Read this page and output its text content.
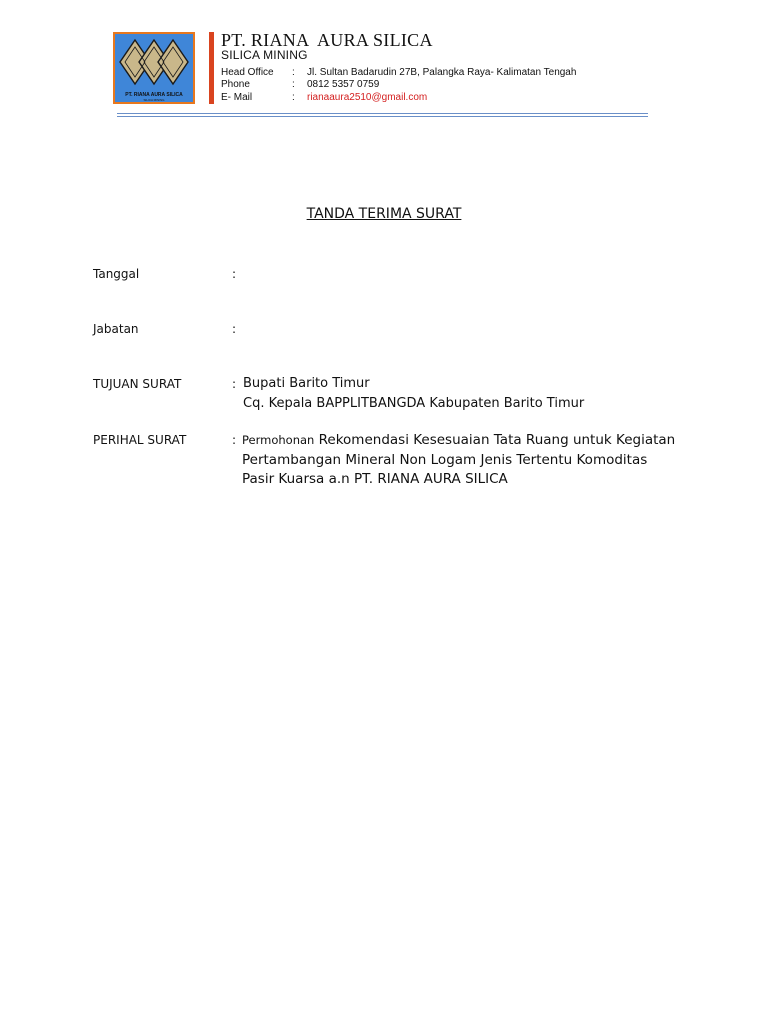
PT. RIANA AURA SILICA
SILICA MINING
PT. RIANA  AURA SILICA
SILICA MINING
Head Office : Jl. Sultan Badarudin 27B, Palangka Raya- Kalimatan Tengah
Phone	: 0812 5357 0759
E- Mail	: rianaaura2510@gmail.com
TANDA TERIMA SURAT
Tanggal	:
Jabatan	:
TUJUAN SURAT	: Bupati Barito Timur
Cq. Kepala BAPPLITBANGDA Kabupaten Barito Timur
PERIHAL SURAT	: Permohonan Rekomendasi Kesesuaian Tata Ruang untuk Kegiatan Pertambangan Mineral Non Logam Jenis Tertentu Komoditas Pasir Kuarsa a.n PT. RIANA AURA SILICA
